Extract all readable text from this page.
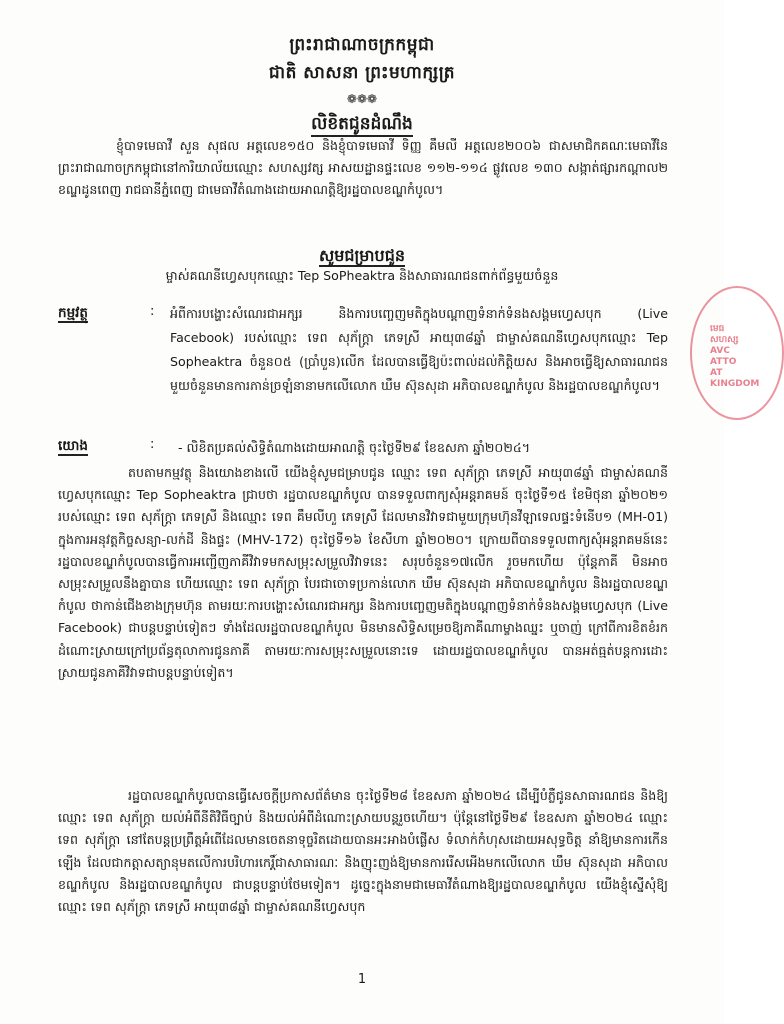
ព្រះរាជាណាចក្រកម្ពុជា
ជាតិ សាសនា ព្រះមហាក្សត្រ
❁❁❁
លិខិតជូនដំណឹង
ខ្ញុំបាទមេធាវី សួន សុផល អត្តលេខ១៥០ និងខ្ញុំបាទមេធាវី ទិញ្ញ គឹមលី អត្តលេខ២០០៦ ជាសមាជិកគណៈមេធាវីនៃព្រះរាជាណាចក្រកម្ពុជានៅការិយាល័យឈ្មោះ សហស្សវត្ស អាសយដ្ឋានផ្ទះលេខ ១១២-១១៤ ផ្លូវលេខ ១៣០ សង្កាត់ផ្សារកណ្ដាល២ ខណ្ឌដូនពេញ រាជធានីភ្នំពេញ ជាមេធាវីតំណាងដោយអាណត្តិឱ្យរដ្ឋបាលខណ្ឌកំបូល។
សូមជម្រាបជូន
ម្ចាស់គណនីហ្វេសបុកឈ្មោះ Tep SoPheaktra និងសាធារណជនពាក់ព័ន្ធមួយចំនួន
កម្មវត្ថុ	: អំពីការបង្ហោះសំណេរជាអក្សរ និងការបញ្ចេញមតិក្នុងបណ្ដាញទំនាក់ទំនងសង្គមហ្វេសបុក (Live Facebook) របស់ឈ្មោះ ទេព សុភ័ក្រ្តា ភេទស្រី អាយុ៣៨ឆ្នាំ ជាម្ចាស់គណនីហ្វេសបុកឈ្មោះ Tep Sopheaktra ចំនួន០៥ (ប្រាំបួន)លើក ដែលបានធ្វើឱ្យប៉ះពាល់ដល់កិត្តិយស និងអាចធ្វើឱ្យសាធារណជនមួយចំនួនមានការភាន់ច្រឡំនានាមកលើលោក ឃឹម ស៊ុនសុដា អភិបាលខណ្ឌកំបូល និងរដ្ឋបាលខណ្ឌកំបូល។
យោង	: - លិខិតប្រគល់សិទ្ធិតំណាងដោយអាណត្តិ ចុះថ្ងៃទី២៩ ខែឧសភា ឆ្នាំ២០២៤។
តបតាមកម្មវត្ថុ និងយោងខាងលើ យើងខ្ញុំសូមជម្រាបជូន ឈ្មោះ ទេព សុភ័ក្រ្តា ភេទស្រី អាយុ៣៨ឆ្នាំ ជាម្ចាស់គណនីហ្វេសបុកឈ្មោះ Tep Sopheaktra ជ្រាបថា រដ្ឋបាលខណ្ឌកំបូល បានទទួលពាក្យសុំអន្តរាគមន៍ ចុះថ្ងៃទី១៥ ខែមិថុនា ឆ្នាំ២០២១ របស់ឈ្មោះ ទេព សុភ័ក្រ្តា ភេទស្រី និងឈ្មោះ ទេព គឹមលីហួ ភេទស្រី ដែលមានវិវាទជាមួយក្រុមហ៊ុនវីឡាទេលផ្ទះទំនើប១ (MH-01) ក្នុងការអនុវត្តកិច្ចសន្យា-លក់ដី និងផ្ទះ (MHV-172) ចុះថ្ងៃទី១៦ ខែសីហា ឆ្នាំ២០២០។ ក្រោយពីបានទទួលពាក្យសុំអន្តរាគមន៍នេះ រដ្ឋបាលខណ្ឌកំបូលបានធ្វើការអញ្ជើញភាគីវិវាទមកសម្រុះសម្រួលវិវាទនេះ សរុបចំនួន១៧លើក រួចមកហើយ ប៉ុន្តែភាគី មិនអាចសម្រុះសម្រួលនឹងគ្នាបាន ហើយឈ្មោះ ទេព សុភ័ក្រ្តា បែរជាចោទប្រកាន់លោក ឃឹម ស៊ុនសុដា អភិបាលខណ្ឌកំបូល និងរដ្ឋបាលខណ្ឌកំបូល ថាកាន់ជើងខាងក្រុមហ៊ុន តាមរយៈការបង្ហោះសំណេរជាអក្សរ និងការបញ្ចេញមតិក្នុងបណ្ដាញទំនាក់ទំនងសង្គមហ្វេសបុក (Live Facebook) ជាបន្តបន្ទាប់ទៀតៗ ទាំងដែលរដ្ឋបាលខណ្ឌកំបូល មិនមានសិទ្ធិសម្រេចឱ្យភាគីណាម្ខាងឈ្នះ ឬចាញ់ ក្រៅពីការខិតខំរកដំណោះស្រាយក្រៅប្រព័ន្ធតុលាការជូនភាគី តាមរយៈការសម្រុះសម្រួលនោះទេ ដោយរដ្ឋបាលខណ្ឌកំបូល បានអត់ធ្មត់បន្តការដោះស្រាយជូនភាគីវិវាទជាបន្តបន្ទាប់ទៀត។
រដ្ឋបាលខណ្ឌកំបូលបានធ្វើសេចក្តីប្រកាសព័ត៌មាន ចុះថ្ងៃទី២៨ ខែឧសភា ឆ្នាំ២០២៤ ដើម្បីបំភ្លឺជូនសាធារណជន និងឱ្យឈ្មោះ ទេព សុភ័ក្រ្តា យល់អំពីនីតិវិធីច្បាប់ និងយល់អំពីដំណោះស្រាយបន្តរួចហើយ។ ប៉ុន្តែនៅថ្ងៃទី២៩ ខែឧសភា ឆ្នាំ២០២៤ ឈ្មោះ ទេព សុភ័ក្រ្តា នៅតែបន្តប្រព្រឹត្តអំពើដែលមានចេតនាទុច្ចរិតដោយបានអះអាងបំផ្លើស ទំលាក់កំហុសដោយអសុទ្ធចិត្ត នាំឱ្យមានការកើនឡើង ដែលជាកត្តាសត្យានុមតលើការបរិហារកេរ្តិ៍ជាសាធារណៈ និងញុះញង់ឱ្យមានការរើសអើងមកលើលោក ឃឹម ស៊ុនសុដា អភិបាលខណ្ឌកំបូល និងរដ្ឋបាលខណ្ឌកំបូល ជាបន្តបន្ទាប់ថែមទៀត។ ដូច្នេះក្នុងនាមជាមេធាវីតំណាងឱ្យរដ្ឋបាលខណ្ឌកំបូល យើងខ្ញុំស្នើសុំឱ្យឈ្មោះ ទេព សុភ័ក្រ្តា ភេទស្រី អាយុ៣៨ឆ្នាំ ជាម្ចាស់គណនីហ្វេសបុក
មេធ
សហស្ស
AVC
ATTO
AT
KINGDOM
1
